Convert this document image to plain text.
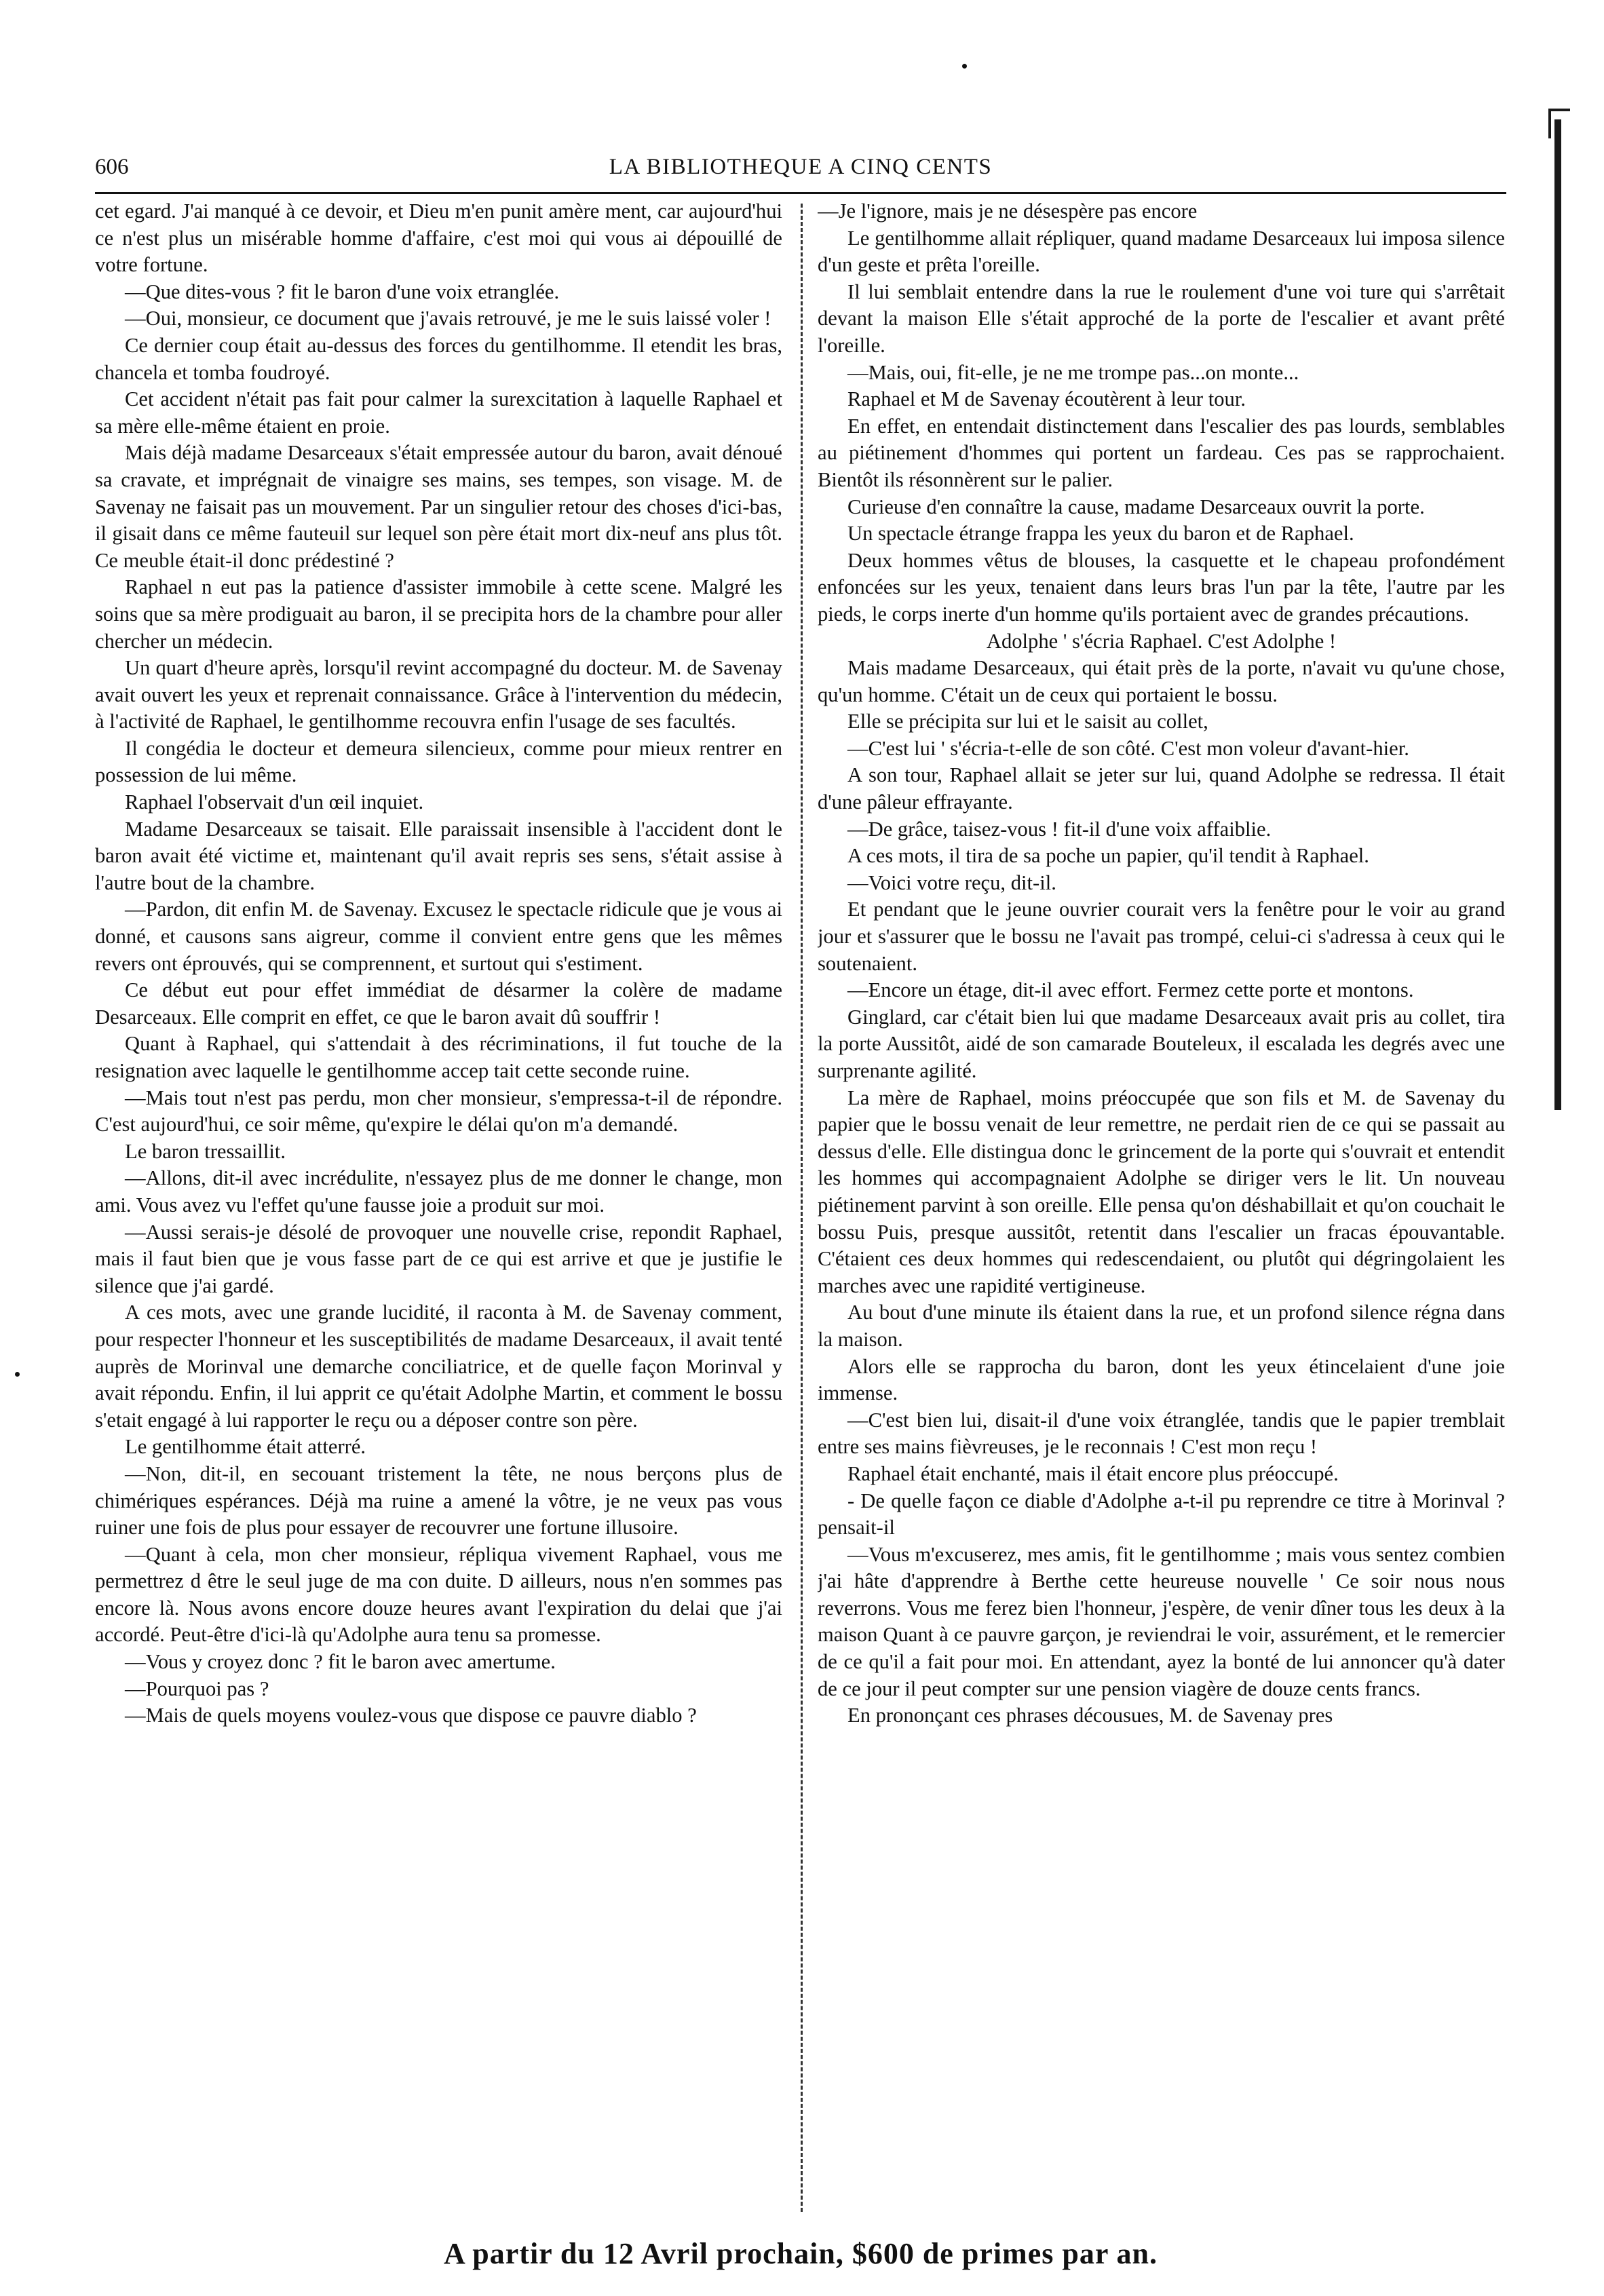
606	LA BIBLIOTHEQUE A CINQ CENTS

cet egard. J'ai manqué à ce devoir, et Dieu m'en punit amère ment, car aujourd'hui ce n'est plus un misérable homme d'affaire, c'est moi qui vous ai dépouillé de votre fortune.

—Que dites-vous ? fit le baron d'une voix etranglée.

—Oui, monsieur, ce document que j'avais retrouvé, je me le suis laissé voler !

Ce dernier coup était au-dessus des forces du gentilhomme. Il etendit les bras, chancela et tomba foudroyé.

Cet accident n'était pas fait pour calmer la surexcitation à laquelle Raphael et sa mère elle-même étaient en proie.

Mais déjà madame Desarceaux s'était empressée autour du baron, avait dénoué sa cravate, et imprégnait de vinaigre ses mains, ses tempes, son visage. M. de Savenay ne faisait pas un mouvement. Par un singulier retour des choses d'ici-bas, il gisait dans ce même fauteuil sur lequel son père était mort dix-neuf ans plus tôt. Ce meuble était-il donc prédestiné ?

Raphael n eut pas la patience d'assister immobile à cette scene. Malgré les soins que sa mère prodiguait au baron, il se precipita hors de la chambre pour aller chercher un médecin.

Un quart d'heure après, lorsqu'il revint accompagné du docteur. M. de Savenay avait ouvert les yeux et reprenait connaissance. Grâce à l'intervention du médecin, à l'activité de Raphael, le gentilhomme recouvra enfin l'usage de ses facultés.

Il congédia le docteur et demeura silencieux, comme pour mieux rentrer en possession de lui même.

Raphael l'observait d'un œil inquiet.

Madame Desarceaux se taisait. Elle paraissait insensible à l'accident dont le baron avait été victime et, maintenant qu'il avait repris ses sens, s'était assise à l'autre bout de la chambre.

—Pardon, dit enfin M. de Savenay. Excusez le spectacle ridicule que je vous ai donné, et causons sans aigreur, comme il convient entre gens que les mêmes revers ont éprouvés, qui se comprennent, et surtout qui s'estiment.

Ce début eut pour effet immédiat de désarmer la colère de madame Desarceaux. Elle comprit en effet, ce que le baron avait dû souffrir !

Quant à Raphael, qui s'attendait à des récriminations, il fut touche de la resignation avec laquelle le gentilhomme accep tait cette seconde ruine.

—Mais tout n'est pas perdu, mon cher monsieur, s'empressa-t-il de répondre. C'est aujourd'hui, ce soir même, qu'expire le délai qu'on m'a demandé.

Le baron tressaillit.

—Allons, dit-il avec incrédulite, n'essayez plus de me donner le change, mon ami. Vous avez vu l'effet qu'une fausse joie a produit sur moi.

—Aussi serais-je désolé de provoquer une nouvelle crise, repondit Raphael, mais il faut bien que je vous fasse part de ce qui est arrive et que je justifie le silence que j'ai gardé.

A ces mots, avec une grande lucidité, il raconta à M. de Savenay comment, pour respecter l'honneur et les susceptibilités de madame Desarceaux, il avait tenté auprès de Morinval une demarche conciliatrice, et de quelle façon Morinval y avait répondu. Enfin, il lui apprit ce qu'était Adolphe Martin, et comment le bossu s'etait engagé à lui rapporter le reçu ou a déposer contre son père.

Le gentilhomme était atterré.

—Non, dit-il, en secouant tristement la tête, ne nous berçons plus de chimériques espérances. Déjà ma ruine a amené la vôtre, je ne veux pas vous ruiner une fois de plus pour essayer de recouvrer une fortune illusoire.

—Quant à cela, mon cher monsieur, répliqua vivement Raphael, vous me permettrez d être le seul juge de ma con duite. D ailleurs, nous n'en sommes pas encore là. Nous avons encore douze heures avant l'expiration du delai que j'ai accordé. Peut-être d'ici-là qu'Adolphe aura tenu sa promesse.

—Vous y croyez donc ? fit le baron avec amertume.

—Pourquoi pas ?

—Mais de quels moyens voulez-vous que dispose ce pauvre diablo ?

—Je l'ignore, mais je ne désespère pas encore

Le gentilhomme allait répliquer, quand madame Desarceaux lui imposa silence d'un geste et prêta l'oreille.

Il lui semblait entendre dans la rue le roulement d'une voi ture qui s'arrêtait devant la maison Elle s'était approché de la porte de l'escalier et avant prêté l'oreille.

—Mais, oui, fit-elle, je ne me trompe pas...on monte...

Raphael et M de Savenay écoutèrent à leur tour.

En effet, en entendait distinctement dans l'escalier des pas lourds, semblables au piétinement d'hommes qui portent un fardeau. Ces pas se rapprochaient. Bientôt ils résonnèrent sur le palier.

Curieuse d'en connaître la cause, madame Desarceaux ouvrit la porte.

Un spectacle étrange frappa les yeux du baron et de Raphael.

Deux hommes vêtus de blouses, la casquette et le chapeau profondément enfoncées sur les yeux, tenaient dans leurs bras l'un par la tête, l'autre par les pieds, le corps inerte d'un homme qu'ils portaient avec de grandes précautions.

Adolphe ' s'écria Raphael. C'est Adolphe !

Mais madame Desarceaux, qui était près de la porte, n'avait vu qu'une chose, qu'un homme. C'était un de ceux qui portaient le bossu.

Elle se précipita sur lui et le saisit au collet,

—C'est lui ' s'écria-t-elle de son côté. C'est mon voleur d'avant-hier.

A son tour, Raphael allait se jeter sur lui, quand Adolphe se redressa. Il était d'une pâleur effrayante.

—De grâce, taisez-vous ! fit-il d'une voix affaiblie.

A ces mots, il tira de sa poche un papier, qu'il tendit à Raphael.

—Voici votre reçu, dit-il.

Et pendant que le jeune ouvrier courait vers la fenêtre pour le voir au grand jour et s'assurer que le bossu ne l'avait pas trompé, celui-ci s'adressa à ceux qui le soutenaient.

—Encore un étage, dit-il avec effort. Fermez cette porte et montons.

Ginglard, car c'était bien lui que madame Desarceaux avait pris au collet, tira la porte Aussitôt, aidé de son camarade Bouteleux, il escalada les degrés avec une surprenante agilité.

La mère de Raphael, moins préoccupée que son fils et M. de Savenay du papier que le bossu venait de leur remettre, ne perdait rien de ce qui se passait au dessus d'elle. Elle distingua donc le grincement de la porte qui s'ouvrait et entendit les hommes qui accompagnaient Adolphe se diriger vers le lit. Un nouveau piétinement parvint à son oreille. Elle pensa qu'on déshabillait et qu'on couchait le bossu Puis, presque aussitôt, retentit dans l'escalier un fracas épouvantable. C'étaient ces deux hommes qui redescendaient, ou plutôt qui dégringolaient les marches avec une rapidité vertigineuse.

Au bout d'une minute ils étaient dans la rue, et un profond silence régna dans la maison.

Alors elle se rapprocha du baron, dont les yeux étincelaient d'une joie immense.

—C'est bien lui, disait-il d'une voix étranglée, tandis que le papier tremblait entre ses mains fièvreuses, je le reconnais ! C'est mon reçu !

Raphael était enchanté, mais il était encore plus préoccupé.

- De quelle façon ce diable d'Adolphe a-t-il pu reprendre ce titre à Morinval ? pensait-il

—Vous m'excuserez, mes amis, fit le gentilhomme ; mais vous sentez combien j'ai hâte d'apprendre à Berthe cette heureuse nouvelle ' Ce soir nous nous reverrons. Vous me ferez bien l'honneur, j'espère, de venir dîner tous les deux à la maison Quant à ce pauvre garçon, je reviendrai le voir, assurément, et le remercier de ce qu'il a fait pour moi. En attendant, ayez la bonté de lui annoncer qu'à dater de ce jour il peut compter sur une pension viagère de douze cents francs.

En prononçant ces phrases décousues, M. de Savenay pres

A partir du 12 Avril prochain, $600 de primes par an.
